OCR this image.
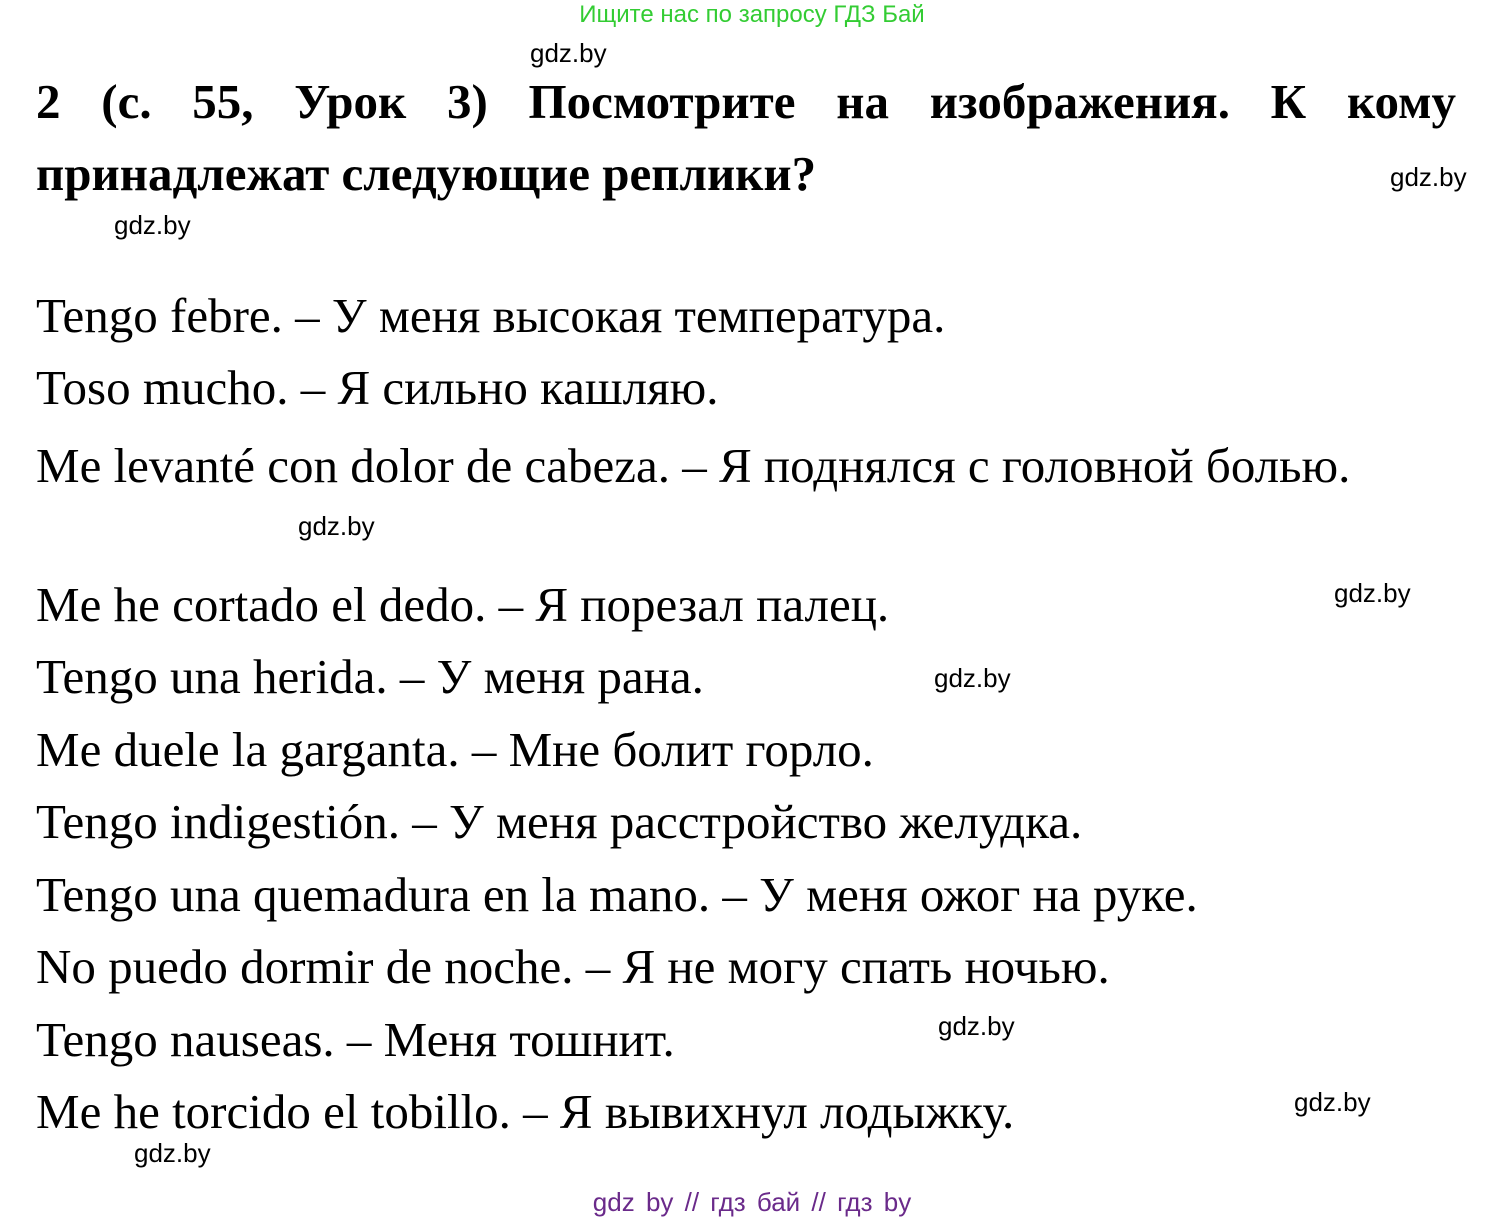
Ищите нас по запросу ГДЗ Бай
gdz.by
gdz.by
gdz.by
gdz.by
gdz.by
gdz.by
gdz.by
gdz.by
gdz.by

2 (с. 55, Урок 3) Посмотрите на изображения. К кому принадлежат следующие реплики?

Tengo febre. – У меня высокая температура.
Toso mucho. – Я сильно кашляю.
Me levanté con dolor de cabeza. – Я поднялся с головной болью.
Me he cortado el dedo. – Я порезал палец.
Tengo una herida. – У меня рана.
Me duele la garganta. – Мне болит горло.
Tengo indigestión. – У меня расстройство желудка.
Tengo una quemadura en la mano. – У меня ожог на руке.
No puedo dormir de noche. – Я не могу спать ночью.
Tengo nauseas. – Меня тошнит.
Me he torcido el tobillo. – Я вывихнул лодыжку.
gdz by // гдз бай // гдз by
